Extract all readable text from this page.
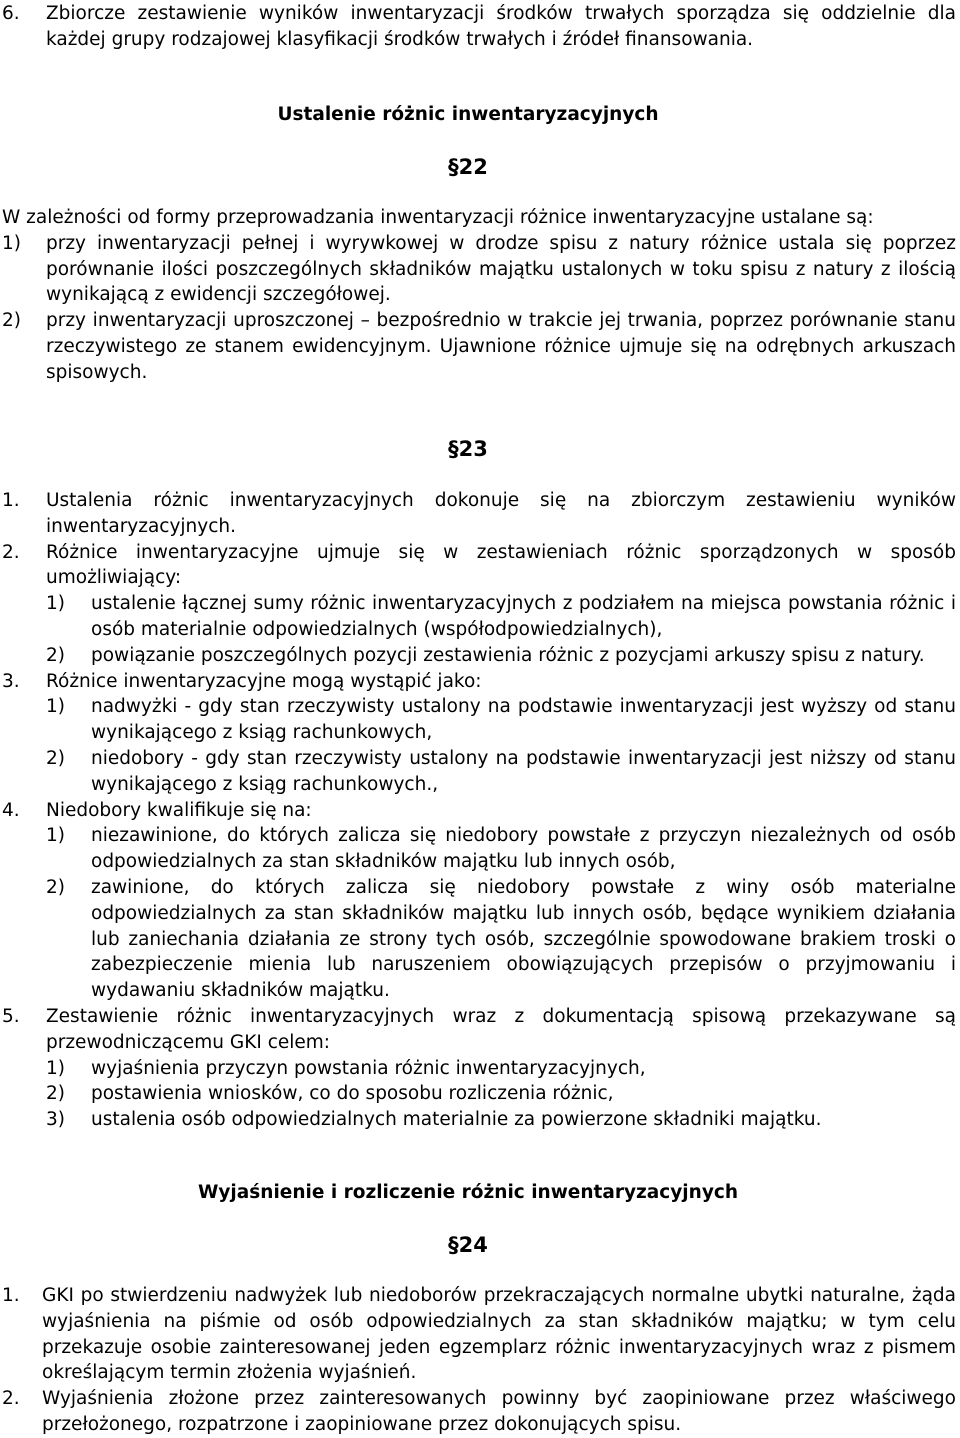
6.	Zbiorcze zestawienie wyników inwentaryzacji środków trwałych sporządza się oddzielnie dla każdej grupy rodzajowej klasyfikacji środków trwałych i źródeł finansowania.
Ustalenie różnic inwentaryzacyjnych
§22

W zależności od formy przeprowadzania inwentaryzacji różnice inwentaryzacyjne ustalane są:

1)	przy inwentaryzacji pełnej i wyrywkowej w drodze spisu z natury różnice ustala się poprzez porównanie ilości poszczególnych składników majątku ustalonych w toku spisu z natury z ilością wynikającą z ewidencji szczegółowej.
2)	przy inwentaryzacji uproszczonej – bezpośrednio w trakcie jej trwania, poprzez porównanie stanu rzeczywistego ze stanem ewidencyjnym. Ujawnione różnice ujmuje się na odrębnych arkuszach spisowych.
§23
1.	Ustalenia różnic inwentaryzacyjnych dokonuje się na zbiorczym zestawieniu wyników inwentaryzacyjnych.
2.	Różnice inwentaryzacyjne ujmuje się w zestawieniach różnic sporządzonych w sposób umożliwiający:
1)	ustalenie łącznej sumy różnic inwentaryzacyjnych z podziałem na miejsca powstania różnic i osób materialnie odpowiedzialnych (współodpowiedzialnych),
2)	powiązanie poszczególnych pozycji zestawienia różnic z pozycjami arkuszy spisu z natury.
3.	Różnice inwentaryzacyjne mogą wystąpić jako:
1)	nadwyżki - gdy stan rzeczywisty ustalony na podstawie inwentaryzacji jest wyższy od stanu wynikającego z ksiąg rachunkowych,
2)	niedobory - gdy stan rzeczywisty ustalony na podstawie inwentaryzacji jest niższy od stanu wynikającego z ksiąg rachunkowych.,
4.	Niedobory kwalifikuje się na:
1)	niezawinione, do których zalicza się niedobory powstałe z przyczyn niezależnych od osób odpowiedzialnych za stan składników majątku lub innych osób,
2)	zawinione, do których zalicza się niedobory powstałe z winy osób materialne odpowiedzialnych za stan składników majątku lub innych osób, będące wynikiem działania lub zaniechania działania ze strony tych osób, szczególnie spowodowane brakiem troski o zabezpieczenie mienia lub naruszeniem obowiązujących przepisów o przyjmowaniu i wydawaniu składników majątku.
5.	Zestawienie różnic inwentaryzacyjnych wraz z dokumentacją spisową przekazywane są przewodniczącemu GKI celem:
1)	wyjaśnienia przyczyn powstania różnic inwentaryzacyjnych,
2)	postawienia wniosków, co do sposobu rozliczenia różnic,
3)	ustalenia osób odpowiedzialnych materialnie za powierzone składniki majątku.
Wyjaśnienie i rozliczenie różnic inwentaryzacyjnych
§24
1.	GKI po stwierdzeniu nadwyżek lub niedoborów przekraczających normalne ubytki naturalne, żąda wyjaśnienia na piśmie od osób odpowiedzialnych za stan składników majątku; w tym celu przekazuje osobie zainteresowanej jeden egzemplarz różnic inwentaryzacyjnych wraz z pismem określającym termin złożenia wyjaśnień.
2.	Wyjaśnienia złożone przez zainteresowanych powinny być zaopiniowane przez właściwego przełożonego, rozpatrzone i zaopiniowane przez dokonujących spisu.
